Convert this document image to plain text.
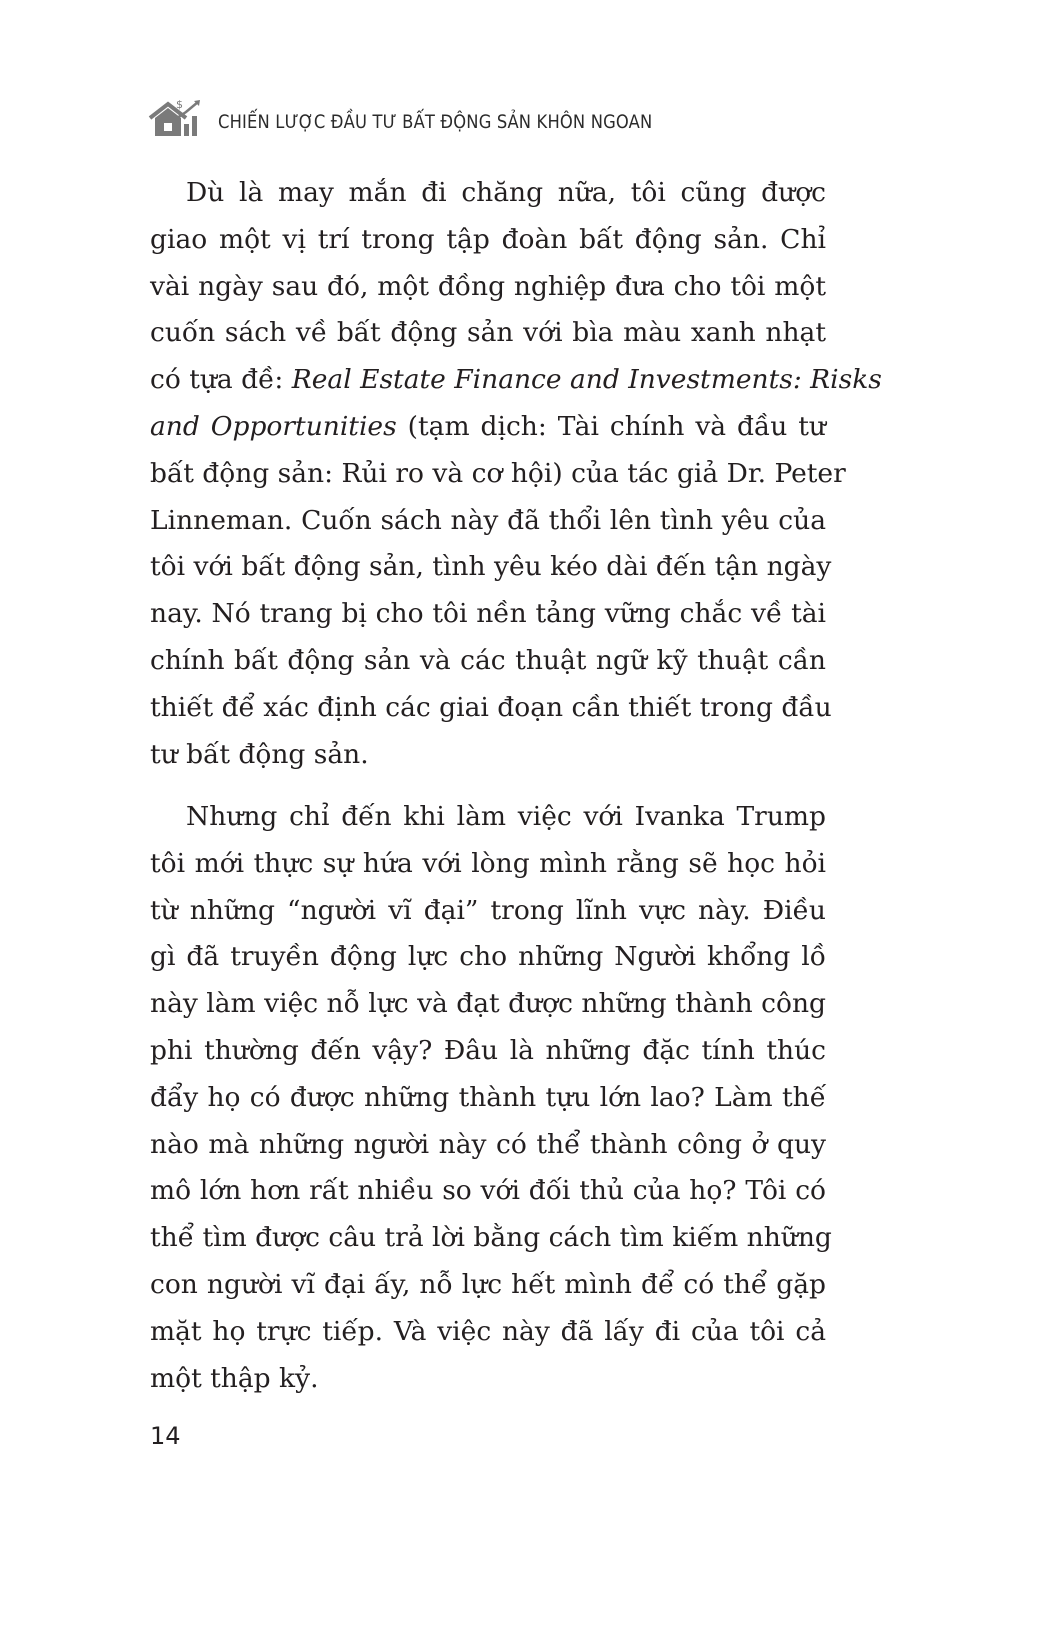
$
CHIẾN LƯỢC ĐẦU TƯ BẤT ĐỘNG SẢN KHÔN NGOAN
Dù là may mắn đi chăng nữa, tôi cũng được
giao một vị trí trong tập đoàn bất động sản. Chỉ
vài ngày sau đó, một đồng nghiệp đưa cho tôi một
cuốn sách về bất động sản với bìa màu xanh nhạt
có tựa đề: Real Estate Finance and Investments: Risks
and Opportunities (tạm dịch: Tài chính và đầu tư
bất động sản: Rủi ro và cơ hội) của tác giả Dr. Peter
Linneman. Cuốn sách này đã thổi lên tình yêu của
tôi với bất động sản, tình yêu kéo dài đến tận ngày
nay. Nó trang bị cho tôi nền tảng vững chắc về tài
chính bất động sản và các thuật ngữ kỹ thuật cần
thiết để xác định các giai đoạn cần thiết trong đầu
tư bất động sản.
Nhưng chỉ đến khi làm việc với Ivanka Trump
tôi mới thực sự hứa với lòng mình rằng sẽ học hỏi
từ những “người vĩ đại” trong lĩnh vực này. Điều
gì đã truyền động lực cho những Người khổng lồ
này làm việc nỗ lực và đạt được những thành công
phi thường đến vậy? Đâu là những đặc tính thúc
đẩy họ có được những thành tựu lớn lao? Làm thế
nào mà những người này có thể thành công ở quy
mô lớn hơn rất nhiều so với đối thủ của họ? Tôi có
thể tìm được câu trả lời bằng cách tìm kiếm những
con người vĩ đại ấy, nỗ lực hết mình để có thể gặp
mặt họ trực tiếp. Và việc này đã lấy đi của tôi cả
một thập kỷ.
14
